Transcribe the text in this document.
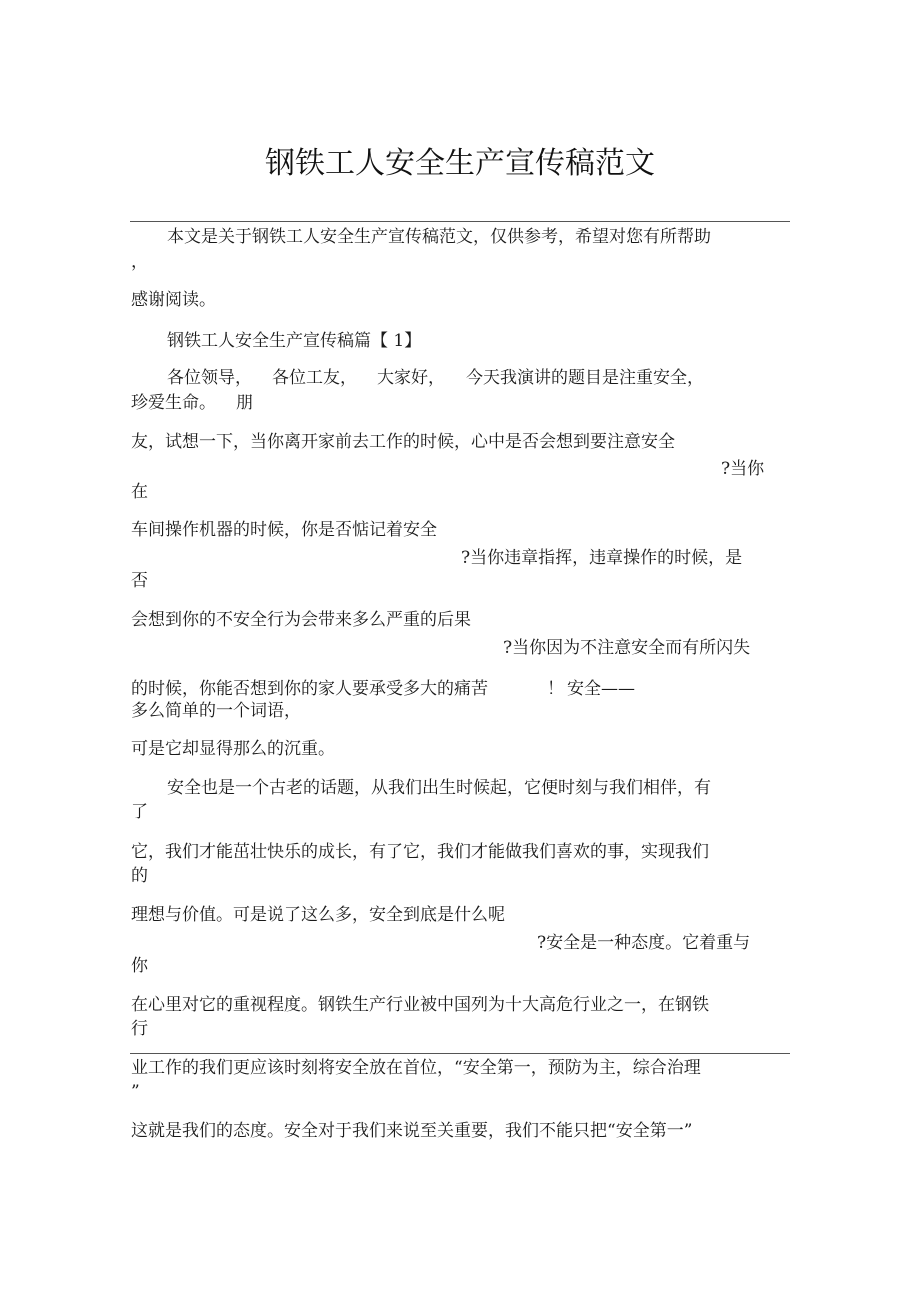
钢铁工人安全生产宣传稿范文
本文是关于钢铁工人安全生产宣传稿范文，仅供参考，希望对您有所帮助
，
感谢阅读。
钢铁工人安全生产宣传稿篇【 1】
各位领导， 各位工友， 大家好， 今天我演讲的题目是注重安全，
珍爱生命。 朋
友，试想一下，当你离开家前去工作的时候，心中是否会想到要注意安全
?当你
在
车间操作机器的时候，你是否惦记着安全
?当你违章指挥，违章操作的时候，是
否
会想到你的不安全行为会带来多么严重的后果
?当你因为不注意安全而有所闪失
的时候，你能否想到你的家人要承受多大的痛苦	！ 安全——
多么简单的一个词语，
可是它却显得那么的沉重。
安全也是一个古老的话题，从我们出生时候起，它便时刻与我们相伴，有
了
它，我们才能茁壮快乐的成长，有了它，我们才能做我们喜欢的事，实现我们
的
理想与价值。可是说了这么多，安全到底是什么呢
?安全是一种态度。它着重与
你
在心里对它的重视程度。钢铁生产行业被中国列为十大高危行业之一，在钢铁
行
业工作的我们更应该时刻将安全放在首位，“安全第一，预防为主，综合治理
”
这就是我们的态度。安全对于我们来说至关重要，我们不能只把“安全第一”
